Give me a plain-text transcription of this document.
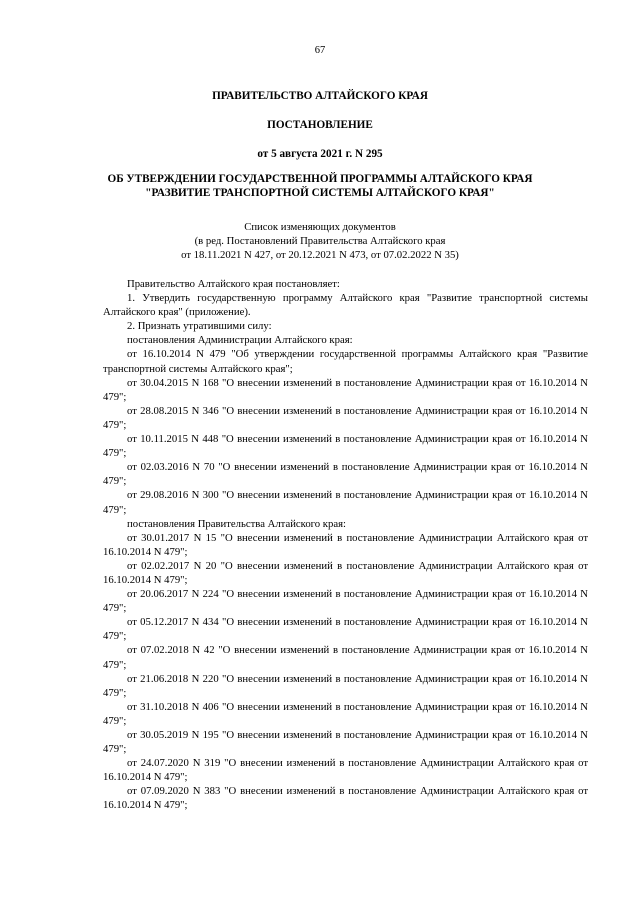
67
ПРАВИТЕЛЬСТВО АЛТАЙСКОГО КРАЯ
ПОСТАНОВЛЕНИЕ
от 5 августа 2021 г. N 295
ОБ УТВЕРЖДЕНИИ ГОСУДАРСТВЕННОЙ ПРОГРАММЫ АЛТАЙСКОГО КРАЯ
"РАЗВИТИЕ ТРАНСПОРТНОЙ СИСТЕМЫ АЛТАЙСКОГО КРАЯ"
Список изменяющих документов
(в ред. Постановлений Правительства Алтайского края
от 18.11.2021 N 427, от 20.12.2021 N 473, от 07.02.2022 N 35)

Правительство Алтайского края постановляет:

1. Утвердить государственную программу Алтайского края "Развитие транспортной системы Алтайского края" (приложение).

2. Признать утратившими силу:

постановления Администрации Алтайского края:

от 16.10.2014 N 479 "Об утверждении государственной программы Алтайского края "Развитие транспортной системы Алтайского края";

от 30.04.2015 N 168 "О внесении изменений в постановление Администрации края от 16.10.2014 N 479";

от 28.08.2015 N 346 "О внесении изменений в постановление Администрации края от 16.10.2014 N 479";

от 10.11.2015 N 448 "О внесении изменений в постановление Администрации края от 16.10.2014 N 479";

от 02.03.2016 N 70 "О внесении изменений в постановление Администрации края от 16.10.2014 N 479";

от 29.08.2016 N 300 "О внесении изменений в постановление Администрации края от 16.10.2014 N 479";

постановления Правительства Алтайского края:

от 30.01.2017 N 15 "О внесении изменений в постановление Администрации Алтайского края от 16.10.2014 N 479";

от 02.02.2017 N 20 "О внесении изменений в постановление Администрации Алтайского края от 16.10.2014 N 479";

от 20.06.2017 N 224 "О внесении изменений в постановление Администрации края от 16.10.2014 N 479";

от 05.12.2017 N 434 "О внесении изменений в постановление Администрации края от 16.10.2014 N 479";

от 07.02.2018 N 42 "О внесении изменений в постановление Администрации края от 16.10.2014 N 479";

от 21.06.2018 N 220 "О внесении изменений в постановление Администрации края от 16.10.2014 N 479";

от 31.10.2018 N 406 "О внесении изменений в постановление Администрации края от 16.10.2014 N 479";

от 30.05.2019 N 195 "О внесении изменений в постановление Администрации края от 16.10.2014 N 479";

от 24.07.2020 N 319 "О внесении изменений в постановление Администрации Алтайского края от 16.10.2014 N 479";

от 07.09.2020 N 383 "О внесении изменений в постановление Администрации Алтайского края от 16.10.2014 N 479";
